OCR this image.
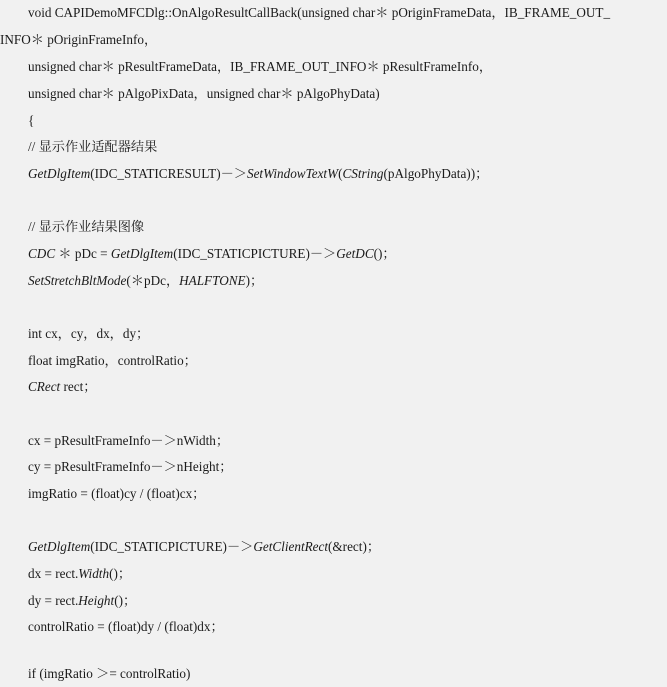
void CAPIDemoMFCDlg::OnAlgoResultCallBack(unsigned char＊ pOriginFrameData，IB_FRAME_OUT_
INFO＊ pOriginFrameInfo，
unsigned char＊ pResultFrameData，IB_FRAME_OUT_INFO＊ pResultFrameInfo，
unsigned char＊ pAlgoPixData，unsigned char＊ pAlgoPhyData)
{
// 显示作业适配器结果
GetDlgItem(IDC_STATICRESULT)－＞SetWindowTextW(CString(pAlgoPhyData))；
// 显示作业结果图像
CDC ＊ pDc = GetDlgItem(IDC_STATICPICTURE)－＞GetDC()；
SetStretchBltMode(＊pDc，HALFTONE)；
int cx，cy，dx，dy；
float imgRatio，controlRatio；
CRect rect；
cx = pResultFrameInfo－＞nWidth；
cy = pResultFrameInfo－＞nHeight；
imgRatio = (float)cy / (float)cx；
GetDlgItem(IDC_STATICPICTURE)－＞GetClientRect(&rect)；
dx = rect.Width()；
dy = rect.Height()；
controlRatio = (float)dy / (float)dx；
if (imgRatio ＞= controlRatio)
